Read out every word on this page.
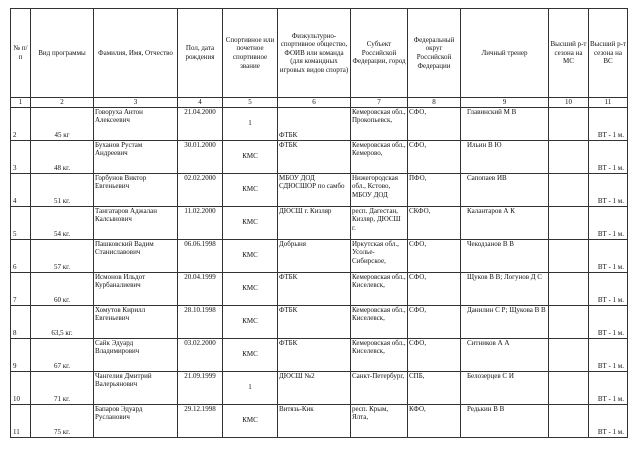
№ п/п	Вид программы	Фамилия, Имя, Отчество	Пол, дата рождения	Спортивное или почетное спортивное звание	Физкультурно-спортивное общество, ФОИВ или команда (для командных игровых видов спорта)	Субъект Российской Федерации, город	Федеральный округ Российской Федерации	Личный тренер	Высший р-т сезона на МС	Высший р-т сезона на ВС
1	2	3	4	5	6	7	8	9	10	11
2	45 кг	Говоруха Антон Алексеевич	21.04.2000	1	ФТБК	Кемеровская обл., Прокопьевск,	СФО,	Главинский М В		ВТ - 1 м.
3	48 кг.	Буханов Рустам Андреевич	30.01.2000	КМС	ФТБК	Кемеровская обл., Кемерово,	СФО,	Ильин В Ю		ВТ - 1 м.
4	51 кг.	Горбунов Виктор Евгеньевич	02.02.2000	КМС	МБОУ ДОД СДЮСШОР по самбо	Нижегородская обл., Кстово, МБОУ ДОД	ПФО,	Сапопаев ИВ		ВТ - 1 м.
5	54 кг.	Тангатаров Аджалан Калсынович	11.02.2000	КМС	ДЮСШ г. Кизляр	респ. Дагестан, Кизляр, ДЮСШ г.	СКФО,	Калантаров А К		ВТ - 1 м.
6	57 кг.	Пашковский Вадим Станиславович	06.06.1998	КМС	Добрыня	Иркутская обл., Усолье-Сибирское,	СФО,	Чекодзанов В В		ВТ - 1 м.
7	60 кг.	Исмонов Ильдот Курбаналиевич	20.04.1999	КМС	ФТБК	Кемеровская обл., Киселевск,	СФО,	Щуков В В; Логунов Д С		ВТ - 1 м.
8	63,5 кг.	Хомутов Кирилл Евгеньевич	28.10.1998	КМС	ФТБК	Кемеровская обл., Киселевск,	СФО,	Данилин С Р; Щукова В В		ВТ - 1 м.
9	67 кг.	Сайк Эдуард Владимирович	03.02.2000	КМС	ФТБК	Кемеровская обл., Киселевск,	СФО,	Ситников А А		ВТ - 1 м.
10	71 кг.	Чангелия Дмитрий Валерьянович	21.09.1999	1	ДЮСШ №2	Санкт-Петербург,	СПБ,	Белозерцев С И		ВТ - 1 м.
11	75 кг.	Бапаров Эдуард Русланович	29.12.1998	КМС	Витязь-Кик	респ. Крым, Ялта,	КФО,	Редькин В В		ВТ - 1 м.
